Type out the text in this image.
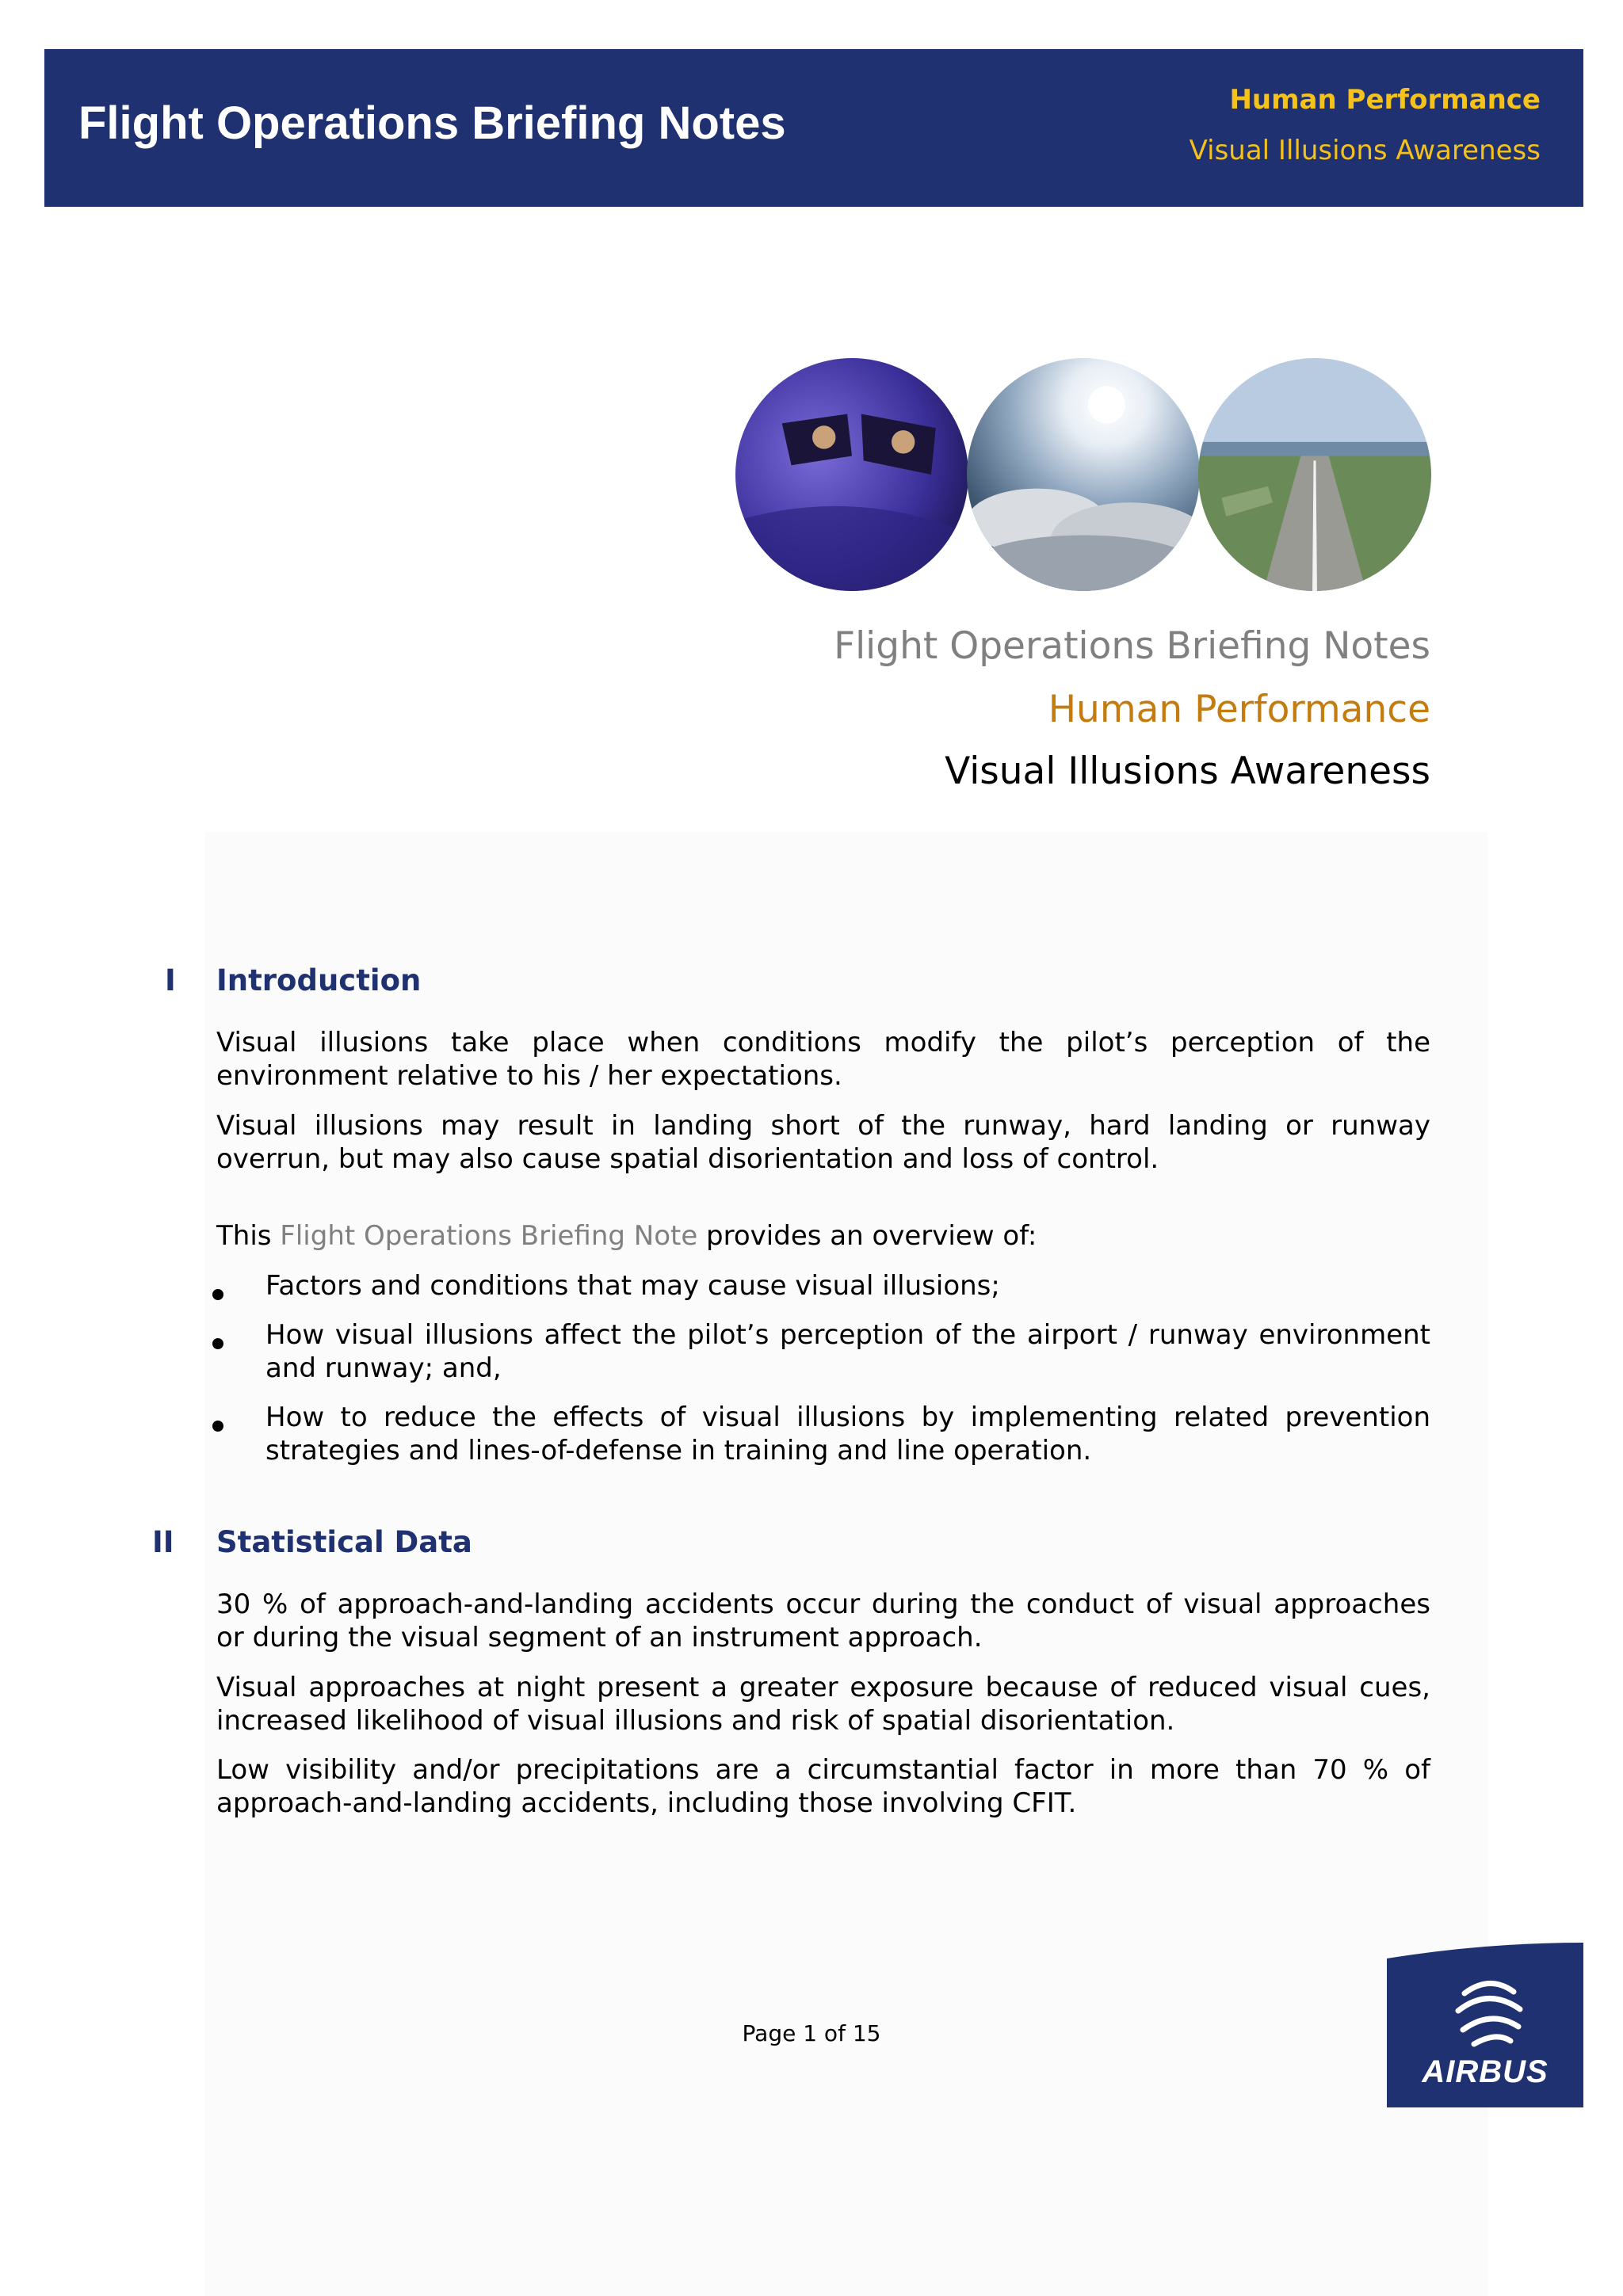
Flight Operations Briefing Notes	Human Performance
Visual Illusions Awareness
Flight Operations Briefing Notes
Human Performance
Visual Illusions Awareness
I Introduction

Visual illusions take place when conditions modify the pilot’s perception of the environment relative to his / her expectations.

Visual illusions may result in landing short of the runway, hard landing or runway overrun, but may also cause spatial disorientation and loss of control.

This Flight Operations Briefing Note provides an overview of:

Factors and conditions that may cause visual illusions;

How visual illusions affect the pilot’s perception of the airport / runway environment and runway; and,

How to reduce the effects of visual illusions by implementing related prevention strategies and lines-of-defense in training and line operation.

II Statistical Data

30 % of approach-and-landing accidents occur during the conduct of visual approaches or during the visual segment of an instrument approach.

Visual approaches at night present a greater exposure because of reduced visual cues, increased likelihood of visual illusions and risk of spatial disorientation.

Low visibility and/or precipitations are a circumstantial factor in more than 70 % of approach-and-landing accidents, including those involving CFIT.

Page 1 of 15
AIRBUS
